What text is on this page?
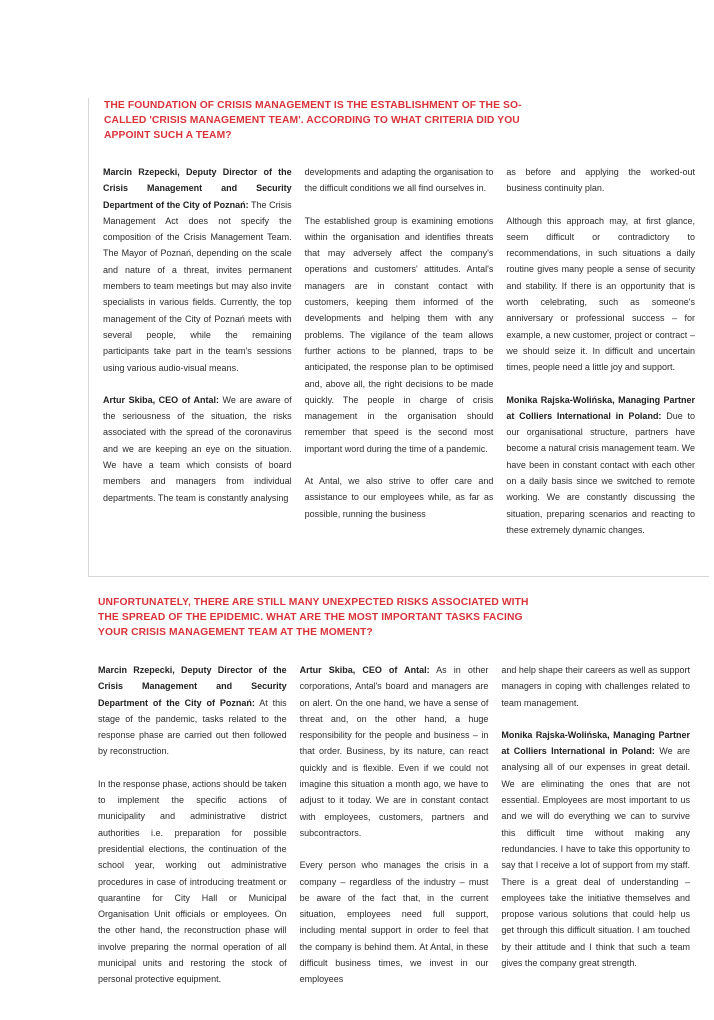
THE FOUNDATION OF CRISIS MANAGEMENT IS THE ESTABLISHMENT OF THE SO-CALLED 'CRISIS MANAGEMENT TEAM'. ACCORDING TO WHAT CRITERIA DID YOU APPOINT SUCH A TEAM?

Marcin Rzepecki, Deputy Director of the Crisis Management and Security Department of the City of Poznań: The Crisis Management Act does not specify the composition of the Crisis Management Team. The Mayor of Poznań, depending on the scale and nature of a threat, invites permanent members to team meetings but may also invite specialists in various fields. Currently, the top management of the City of Poznań meets with several people, while the remaining participants take part in the team's sessions using various audio-visual means.

Artur Skiba, CEO of Antal: We are aware of the seriousness of the situation, the risks associated with the spread of the coronavirus and we are keeping an eye on the situation. We have a team which consists of board members and managers from individual departments. The team is constantly analysing

developments and adapting the organisation to the difficult conditions we all find ourselves in.

The established group is examining emotions within the organisation and identifies threats that may adversely affect the company's operations and customers' attitudes. Antal's managers are in constant contact with customers, keeping them informed of the developments and helping them with any problems. The vigilance of the team allows further actions to be planned, traps to be anticipated, the response plan to be optimised and, above all, the right decisions to be made quickly. The people in charge of crisis management in the organisation should remember that speed is the second most important word during the time of a pandemic.

At Antal, we also strive to offer care and assistance to our employees while, as far as possible, running the business

as before and applying the worked-out business continuity plan.

Although this approach may, at first glance, seem difficult or contradictory to recommendations, in such situations a daily routine gives many people a sense of security and stability. If there is an opportunity that is worth celebrating, such as someone's anniversary or professional success – for example, a new customer, project or contract – we should seize it. In difficult and uncertain times, people need a little joy and support.

Monika Rajska-Wolińska, Managing Partner at Colliers International in Poland: Due to our organisational structure, partners have become a natural crisis management team. We have been in constant contact with each other on a daily basis since we switched to remote working. We are constantly discussing the situation, preparing scenarios and reacting to these extremely dynamic changes.

UNFORTUNATELY, THERE ARE STILL MANY UNEXPECTED RISKS ASSOCIATED WITH THE SPREAD OF THE EPIDEMIC. WHAT ARE THE MOST IMPORTANT TASKS FACING YOUR CRISIS MANAGEMENT TEAM AT THE MOMENT?

Marcin Rzepecki, Deputy Director of the Crisis Management and Security Department of the City of Poznań: At this stage of the pandemic, tasks related to the response phase are carried out then followed by reconstruction.

In the response phase, actions should be taken to implement the specific actions of municipality and administrative district authorities i.e. preparation for possible presidential elections, the continuation of the school year, working out administrative procedures in case of introducing treatment or quarantine for City Hall or Municipal Organisation Unit officials or employees. On the other hand, the reconstruction phase will involve preparing the normal operation of all municipal units and restoring the stock of personal protective equipment.

Artur Skiba, CEO of Antal: As in other corporations, Antal's board and managers are on alert. On the one hand, we have a sense of threat and, on the other hand, a huge responsibility for the people and business – in that order. Business, by its nature, can react quickly and is flexible. Even if we could not imagine this situation a month ago, we have to adjust to it today. We are in constant contact with employees, customers, partners and subcontractors.

Every person who manages the crisis in a company – regardless of the industry – must be aware of the fact that, in the current situation, employees need full support, including mental support in order to feel that the company is behind them. At Antal, in these difficult business times, we invest in our employees

and help shape their careers as well as support managers in coping with challenges related to team management.

Monika Rajska-Wolińska, Managing Partner at Colliers International in Poland: We are analysing all of our expenses in great detail. We are eliminating the ones that are not essential. Employees are most important to us and we will do everything we can to survive this difficult time without making any redundancies. I have to take this opportunity to say that I receive a lot of support from my staff. There is a great deal of understanding – employees take the initiative themselves and propose various solutions that could help us get through this difficult situation. I am touched by their attitude and I think that such a team gives the company great strength.
